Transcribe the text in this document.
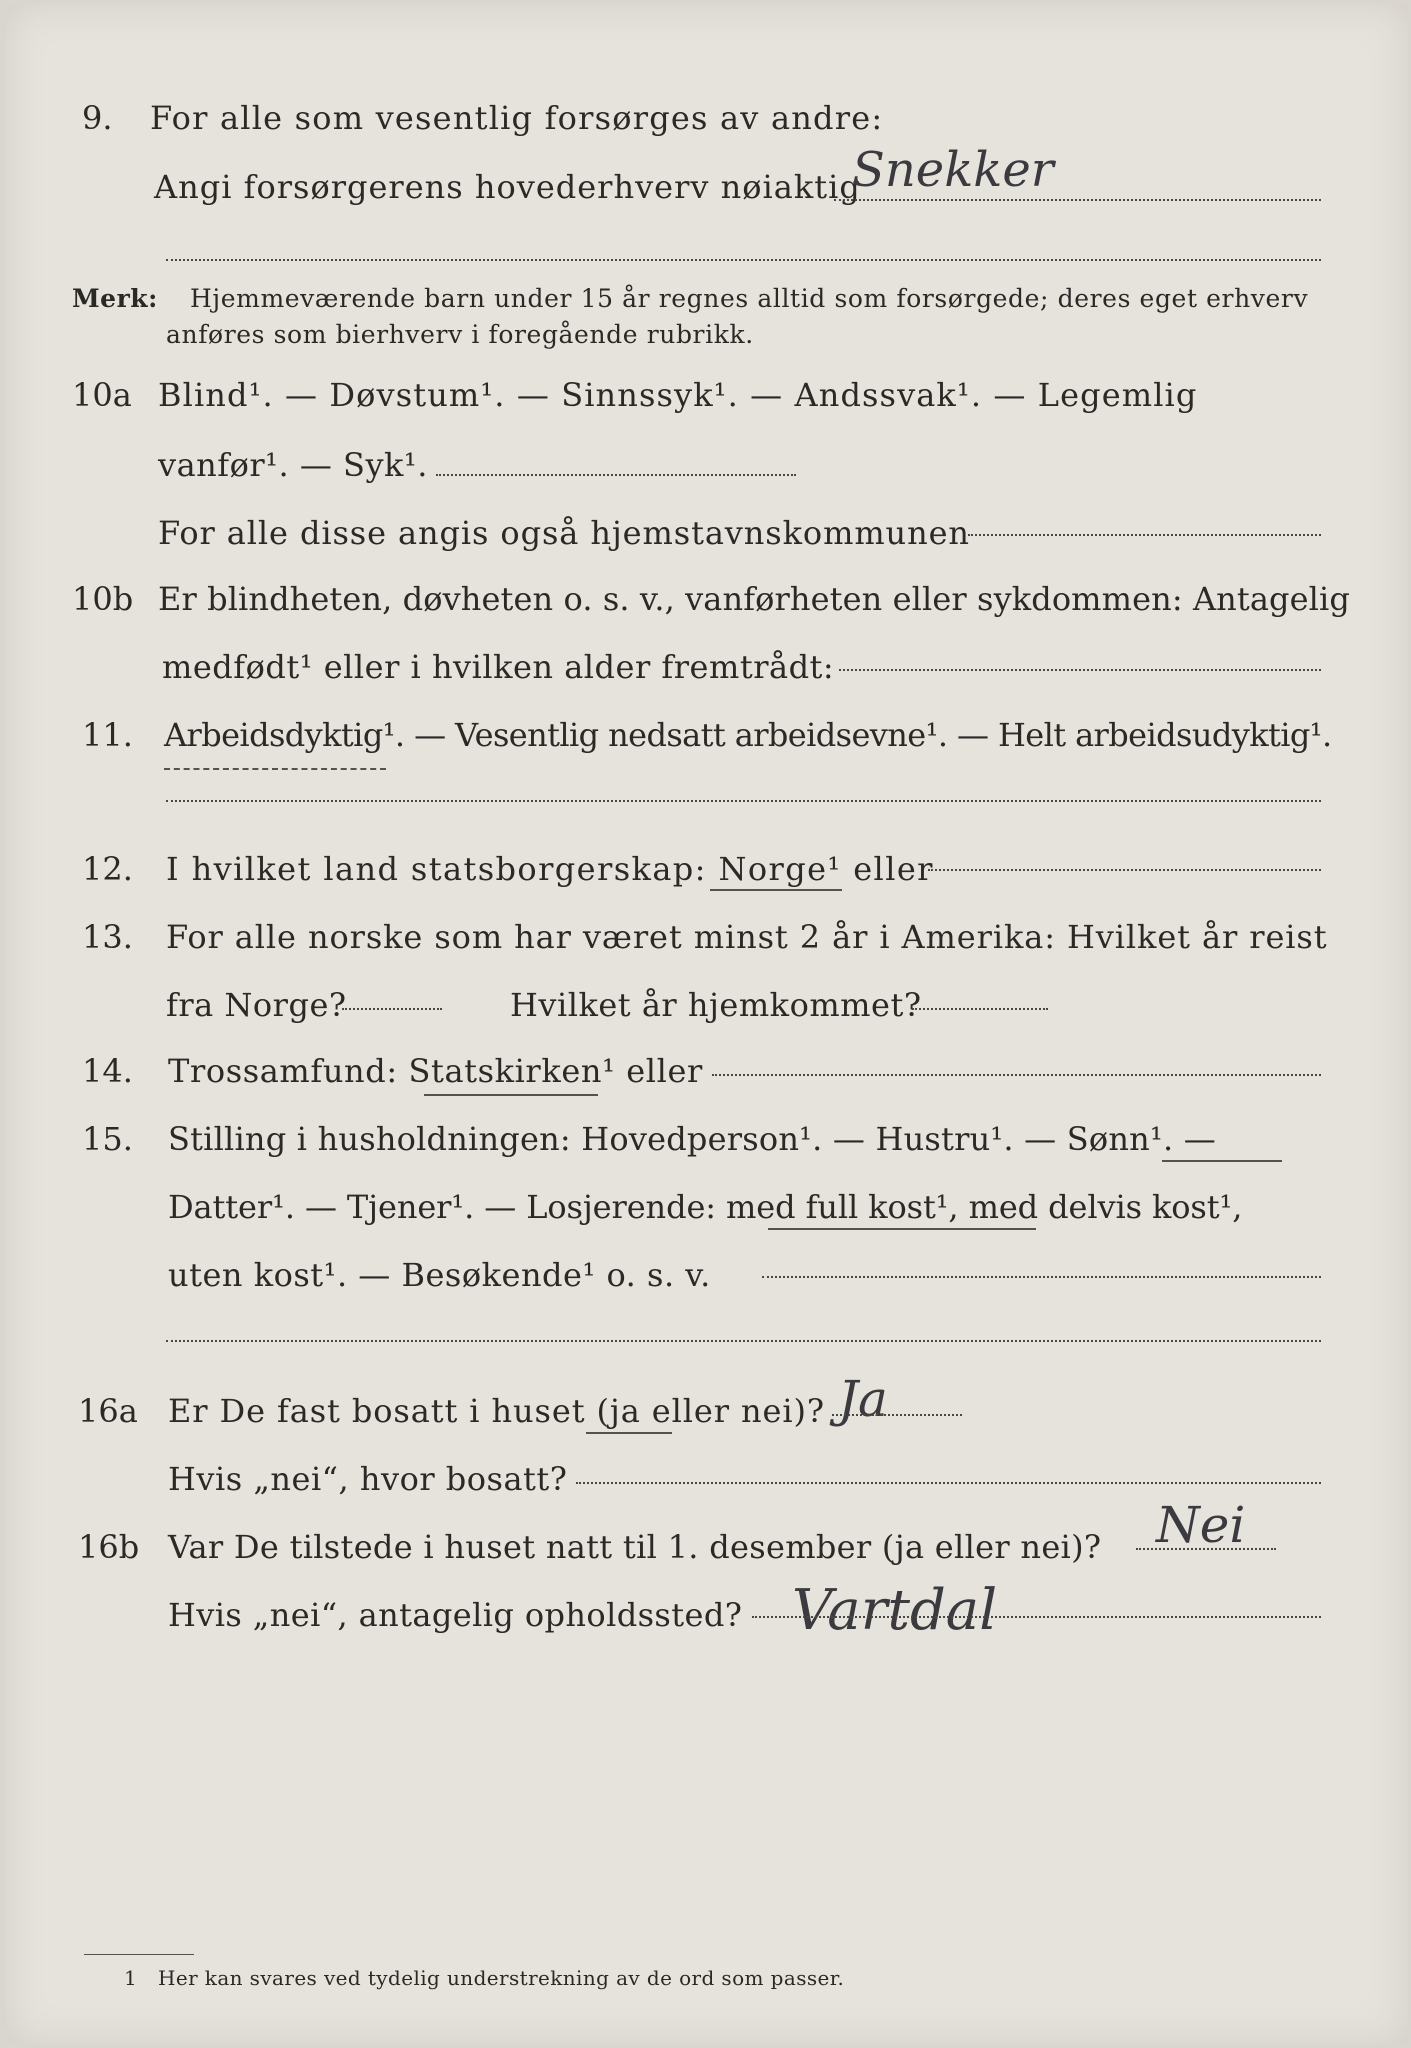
9. For alle som vesentlig forsørges av andre:
Angi forsørgerens hovederhverv nøiaktig
Snekker
Merk: Hjemmeværende barn under 15 år regnes alltid som forsørgede; deres eget erhverv
anføres som bierhverv i foregående rubrikk.
10a Blind¹. — Døvstum¹. — Sinnssyk¹. — Andssvak¹. — Legemlig
vanfør¹. — Syk¹.
For alle disse angis også hjemstavnskommunen
10b Er blindheten, døvheten o. s. v., vanførheten eller sykdommen: Antagelig
medfødt¹ eller i hvilken alder fremtrådt:
11. Arbeidsdyktig¹. — Vesentlig nedsatt arbeidsevne¹. — Helt arbeidsudyktig¹.
12. I hvilket land statsborgerskap: Norge¹ eller
13. For alle norske som har været minst 2 år i Amerika: Hvilket år reist
fra Norge?	Hvilket år hjemkommet?
14. Trossamfund: Statskirken¹ eller
15. Stilling i husholdningen: Hovedperson¹. — Hustru¹. — Sønn¹. —
Datter¹. — Tjener¹. — Losjerende: med full kost¹, med delvis kost¹,
uten kost¹. — Besøkende¹ o. s. v.
16a Er De fast bosatt i huset (ja eller nei)? Ja
Hvis „nei“, hvor bosatt?
16b Var De tilstede i huset natt til 1. desember (ja eller nei)? Nei
Hvis „nei“, antagelig opholdssted? Vartdal
1 Her kan svares ved tydelig understrekning av de ord som passer.
